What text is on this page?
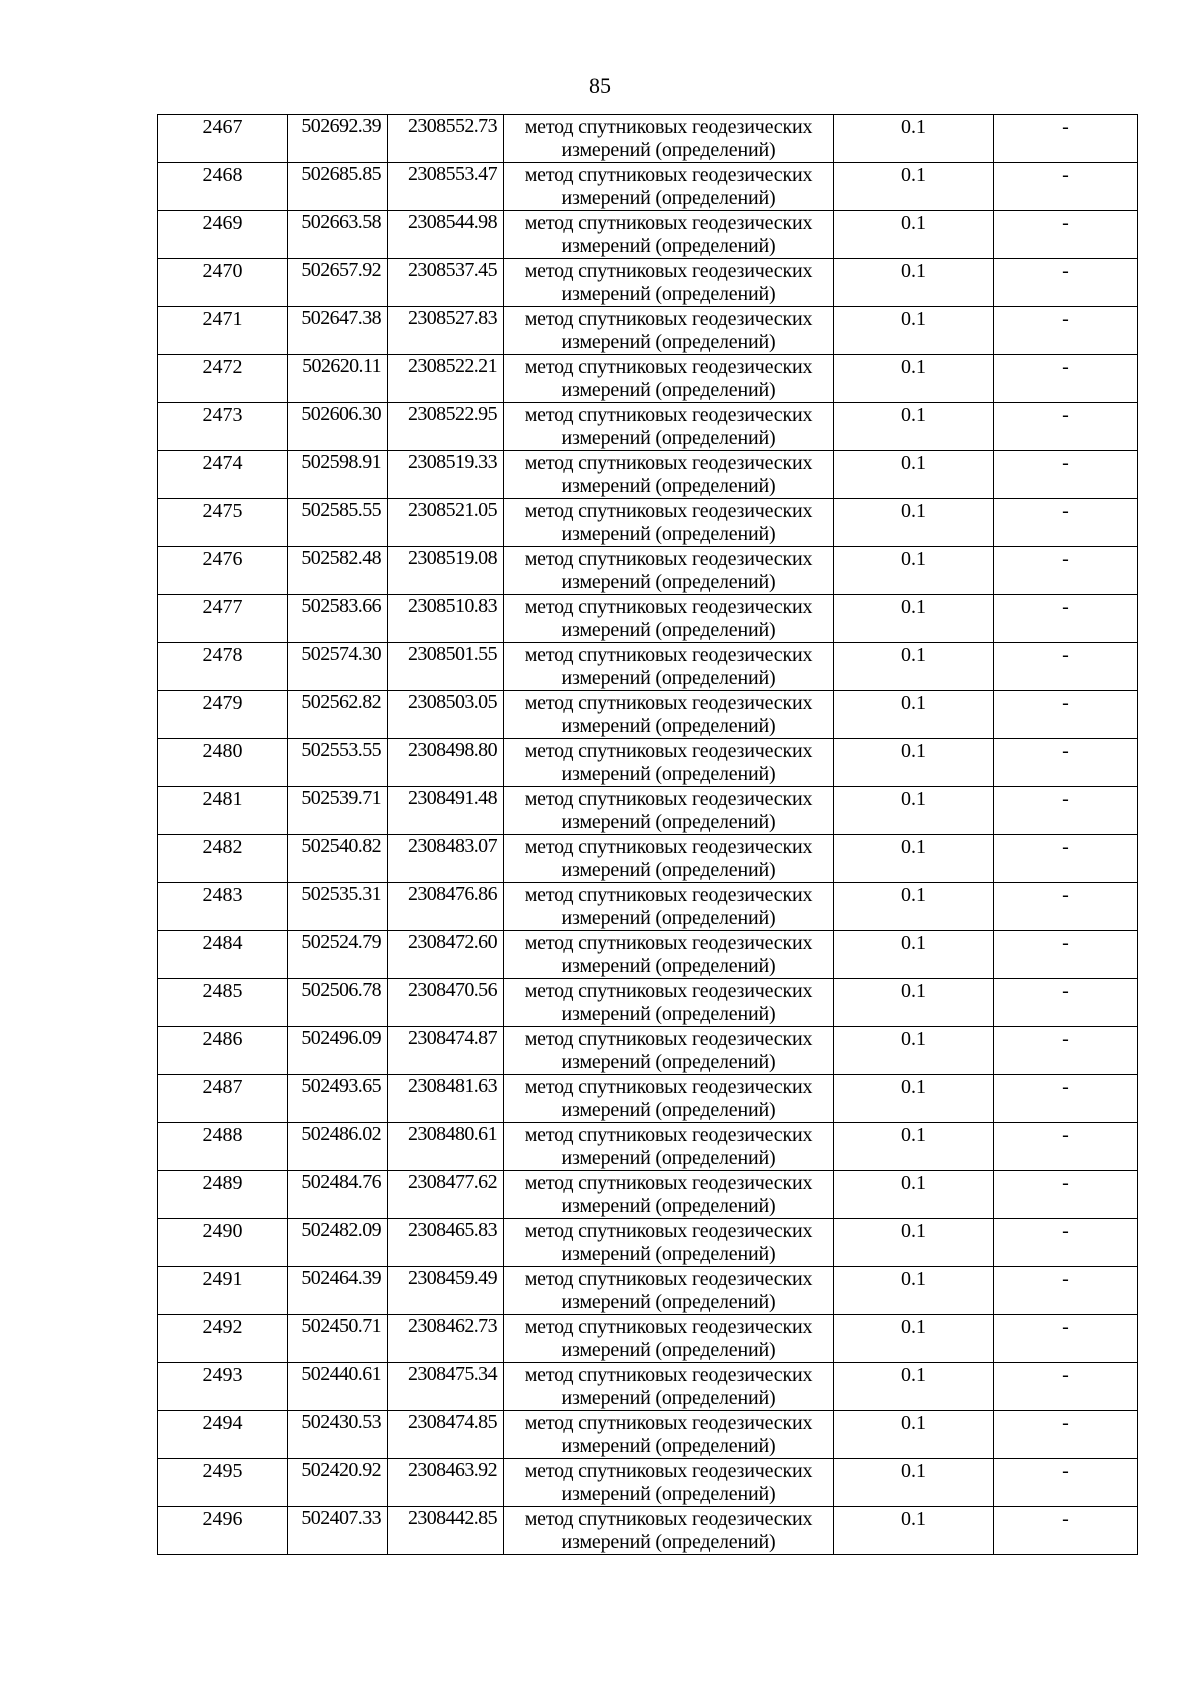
85
2467	502692.39	2308552.73	метод спутниковых геодезических измерений (определений)	0.1	-
2468	502685.85	2308553.47	метод спутниковых геодезических измерений (определений)	0.1	-
2469	502663.58	2308544.98	метод спутниковых геодезических измерений (определений)	0.1	-
2470	502657.92	2308537.45	метод спутниковых геодезических измерений (определений)	0.1	-
2471	502647.38	2308527.83	метод спутниковых геодезических измерений (определений)	0.1	-
2472	502620.11	2308522.21	метод спутниковых геодезических измерений (определений)	0.1	-
2473	502606.30	2308522.95	метод спутниковых геодезических измерений (определений)	0.1	-
2474	502598.91	2308519.33	метод спутниковых геодезических измерений (определений)	0.1	-
2475	502585.55	2308521.05	метод спутниковых геодезических измерений (определений)	0.1	-
2476	502582.48	2308519.08	метод спутниковых геодезических измерений (определений)	0.1	-
2477	502583.66	2308510.83	метод спутниковых геодезических измерений (определений)	0.1	-
2478	502574.30	2308501.55	метод спутниковых геодезических измерений (определений)	0.1	-
2479	502562.82	2308503.05	метод спутниковых геодезических измерений (определений)	0.1	-
2480	502553.55	2308498.80	метод спутниковых геодезических измерений (определений)	0.1	-
2481	502539.71	2308491.48	метод спутниковых геодезических измерений (определений)	0.1	-
2482	502540.82	2308483.07	метод спутниковых геодезических измерений (определений)	0.1	-
2483	502535.31	2308476.86	метод спутниковых геодезических измерений (определений)	0.1	-
2484	502524.79	2308472.60	метод спутниковых геодезических измерений (определений)	0.1	-
2485	502506.78	2308470.56	метод спутниковых геодезических измерений (определений)	0.1	-
2486	502496.09	2308474.87	метод спутниковых геодезических измерений (определений)	0.1	-
2487	502493.65	2308481.63	метод спутниковых геодезических измерений (определений)	0.1	-
2488	502486.02	2308480.61	метод спутниковых геодезических измерений (определений)	0.1	-
2489	502484.76	2308477.62	метод спутниковых геодезических измерений (определений)	0.1	-
2490	502482.09	2308465.83	метод спутниковых геодезических измерений (определений)	0.1	-
2491	502464.39	2308459.49	метод спутниковых геодезических измерений (определений)	0.1	-
2492	502450.71	2308462.73	метод спутниковых геодезических измерений (определений)	0.1	-
2493	502440.61	2308475.34	метод спутниковых геодезических измерений (определений)	0.1	-
2494	502430.53	2308474.85	метод спутниковых геодезических измерений (определений)	0.1	-
2495	502420.92	2308463.92	метод спутниковых геодезических измерений (определений)	0.1	-
2496	502407.33	2308442.85	метод спутниковых геодезических измерений (определений)	0.1	-
